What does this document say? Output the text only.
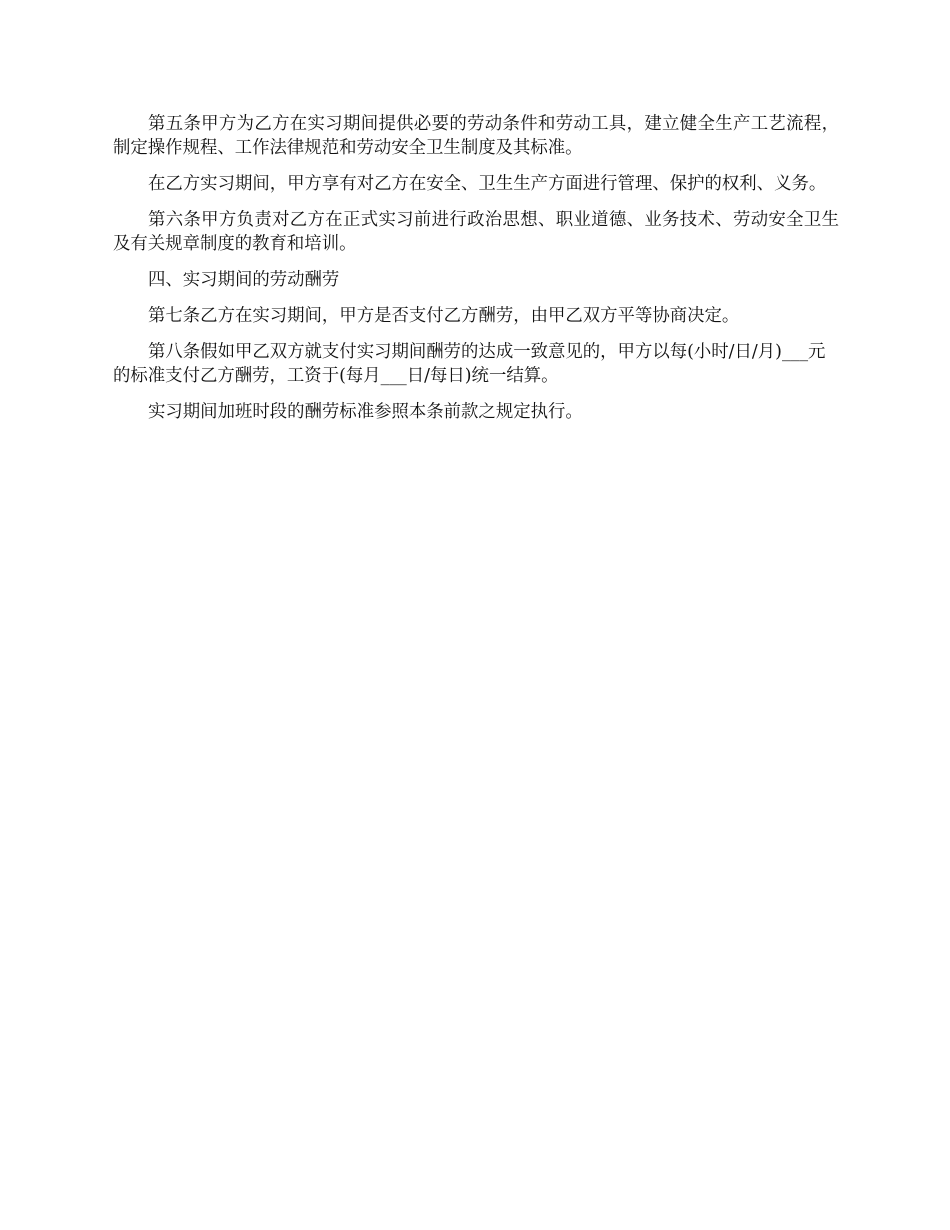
第五条甲方为乙方在实习期间提供必要的劳动条件和劳动工具，建立健全生产工艺流程，制定操作规程、工作法律规范和劳动安全卫生制度及其标准。

在乙方实习期间，甲方享有对乙方在安全、卫生生产方面进行管理、保护的权利、义务。

第六条甲方负责对乙方在正式实习前进行政治思想、职业道德、业务技术、劳动安全卫生及有关规章制度的教育和培训。

四、实习期间的劳动酬劳

第七条乙方在实习期间，甲方是否支付乙方酬劳，由甲乙双方平等协商决定。

第八条假如甲乙双方就支付实习期间酬劳的达成一致意见的，甲方以每(小时/日/月)___元的标准支付乙方酬劳，工资于(每月___日/每日)统一结算。

实习期间加班时段的酬劳标准参照本条前款之规定执行。
